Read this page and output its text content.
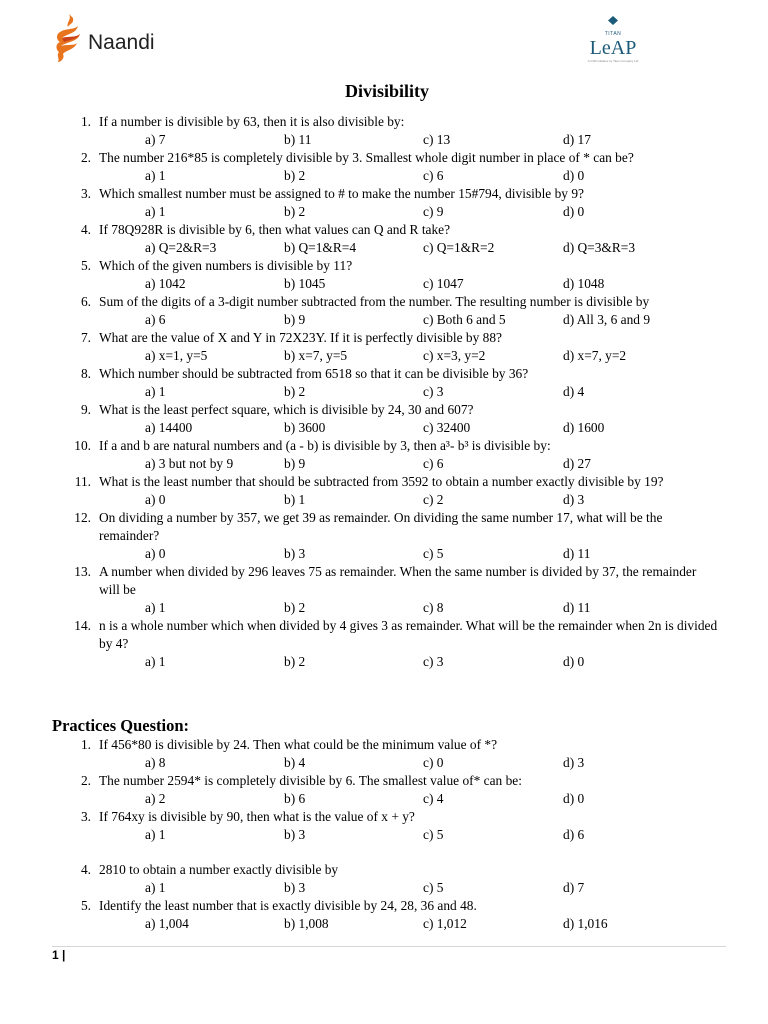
Naandi	TITAN
LeAP
A CSR initiative by Titan Company Ltd
Divisibility
1. If a number is divisible by 63, then it is also divisible by:
a) 7	b) 11	c) 13	d) 17
2. The number 216*85 is completely divisible by 3. Smallest whole digit number in place of * can be?
a) 1	b) 2	c) 6	d) 0
3. Which smallest number must be assigned to # to make the number 15#794, divisible by 9?
a) 1	b) 2	c) 9	d) 0
4. If 78Q928R is divisible by 6, then what values can Q and R take?
a) Q=2&R=3	b) Q=1&R=4	c) Q=1&R=2	d) Q=3&R=3
5. Which of the given numbers is divisible by 11?
a) 1042	b) 1045	c) 1047	d) 1048
6. Sum of the digits of a 3-digit number subtracted from the number. The resulting number is divisible by
a) 6	b) 9	c) Both 6 and 5	d) All 3, 6 and 9
7. What are the value of X and Y in 72X23Y. If it is perfectly divisible by 88?
a) x=1, y=5	b) x=7, y=5	c) x=3, y=2	d) x=7, y=2
8. Which number should be subtracted from 6518 so that it can be divisible by 36?
a) 1	b) 2	c) 3	d) 4
9. What is the least perfect square, which is divisible by 24, 30 and 607?
a) 14400	b) 3600	c) 32400	d) 1600
10. If a and b are natural numbers and (a - b) is divisible by 3, then a³- b³ is divisible by:
a) 3 but not by 9	b) 9	c) 6	d) 27
11. What is the least number that should be subtracted from 3592 to obtain a number exactly divisible by 19?
a) 0	b) 1	c) 2	d) 3
12. On dividing a number by 357, we get 39 as remainder. On dividing the same number 17, what will be the remainder?
a) 0	b) 3	c) 5	d) 11
13. A number when divided by 296 leaves 75 as remainder. When the same number is divided by 37, the remainder will be
a) 1	b) 2	c) 8	d) 11
14. n is a whole number which when divided by 4 gives 3 as remainder. What will be the remainder when 2n is divided by 4?
a) 1	b) 2	c) 3	d) 0
Practices Question:
1. If 456*80 is divisible by 24. Then what could be the minimum value of *?
a) 8	b) 4	c) 0	d) 3
2. The number 2594* is completely divisible by 6. The smallest value of* can be:
a) 2	b) 6	c) 4	d) 0
3. If 764xy is divisible by 90, then what is the value of x + y?
a) 1	b) 3	c) 5	d) 6
4. 2810 to obtain a number exactly divisible by
a) 1	b) 3	c) 5	d) 7
5. Identify the least number that is exactly divisible by 24, 28, 36 and 48.
a) 1,004	b) 1,008	c) 1,012	d) 1,016
1 |
